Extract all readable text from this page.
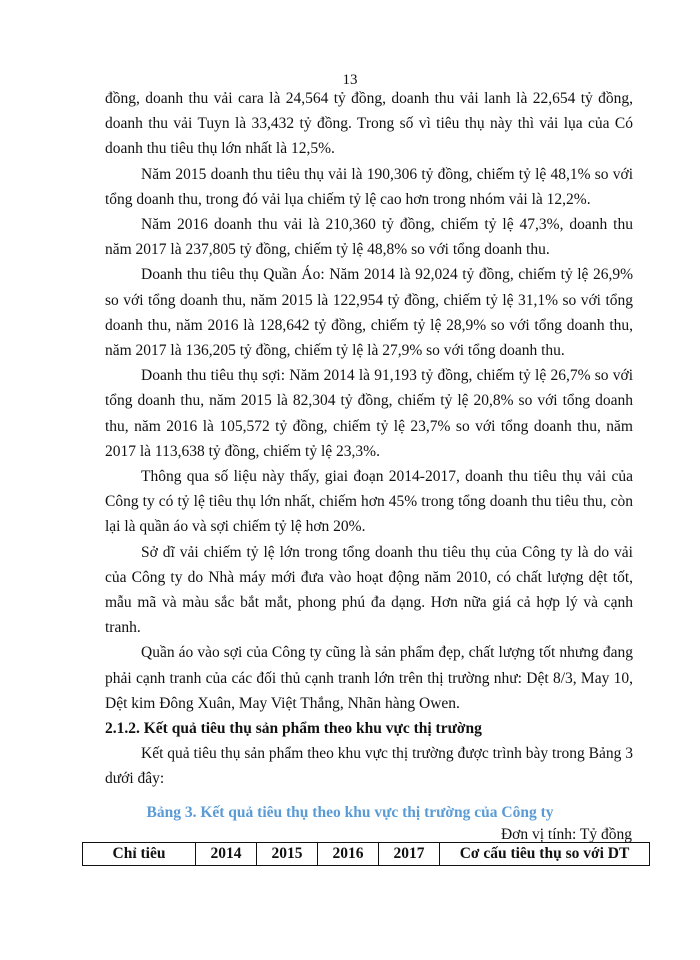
13

đồng, doanh thu vải cara là 24,564 tỷ đồng, doanh thu vải lanh là 22,654 tỷ đồng, doanh thu vải Tuyn là 33,432 tỷ đồng. Trong số vì tiêu thụ này thì vải lụa của Có doanh thu tiêu thụ lớn nhất là 12,5%.

Năm 2015 doanh thu tiêu thụ vải là 190,306 tỷ đồng, chiếm tỷ lệ 48,1% so với tổng doanh thu, trong đó vải lụa chiếm tỷ lệ cao hơn trong nhóm vải là 12,2%.

Năm 2016 doanh thu vải là 210,360 tỷ đồng, chiếm tỷ lệ 47,3%, doanh thu năm 2017 là 237,805 tỷ đồng, chiếm tỷ lệ 48,8% so với tổng doanh thu.

Doanh thu tiêu thụ Quần Áo: Năm 2014 là 92,024 tỷ đồng, chiếm tỷ lệ 26,9% so với tổng doanh thu, năm 2015 là 122,954 tỷ đồng, chiếm tỷ lệ 31,1% so với tổng doanh thu, năm 2016 là 128,642 tỷ đồng, chiếm tỷ lệ 28,9% so với tổng doanh thu, năm 2017 là 136,205 tỷ đồng, chiếm tỷ lệ là 27,9% so với tổng doanh thu.

Doanh thu tiêu thụ sợi: Năm 2014 là 91,193 tỷ đồng, chiếm tỷ lệ 26,7% so với tổng doanh thu, năm 2015 là 82,304 tỷ đồng, chiếm tỷ lệ 20,8% so với tổng doanh thu, năm 2016 là 105,572 tỷ đồng, chiếm tỷ lệ 23,7% so với tổng doanh thu, năm 2017 là 113,638 tỷ đồng, chiếm tỷ lệ 23,3%.

Thông qua số liệu này thấy, giai đoạn 2014-2017, doanh thu tiêu thụ vải của Công ty có tỷ lệ tiêu thụ lớn nhất, chiếm hơn 45% trong tổng doanh thu tiêu thu, còn lại là quần áo và sợi chiếm tỷ lệ hơn 20%.

Sở dĩ vải chiếm tỷ lệ lớn trong tổng doanh thu tiêu thụ của Công ty là do vải của Công ty do Nhà máy mới đưa vào hoạt động năm 2010, có chất lượng dệt tốt, mẫu mã và màu sắc bắt mắt, phong phú đa dạng. Hơn nữa giá cả hợp lý và cạnh tranh.

Quần áo vào sợi của Công ty cũng là sản phẩm đẹp, chất lượng tốt nhưng đang phải cạnh tranh của các đối thủ cạnh tranh lớn trên thị trường như: Dệt 8/3, May 10, Dệt kim Đông Xuân, May Việt Thắng, Nhãn hàng Owen.

2.1.2. Kết quả tiêu thụ sản phẩm theo khu vực thị trường

Kết quả tiêu thụ sản phẩm theo khu vực thị trường được trình bày trong Bảng 3 dưới đây:

Bảng 3. Kết quả tiêu thụ theo khu vực thị trường của Công ty
Đơn vị tính: Tỷ đồng
Chỉ tiêu	2014	2015	2016	2017	Cơ cấu tiêu thụ so với DT
